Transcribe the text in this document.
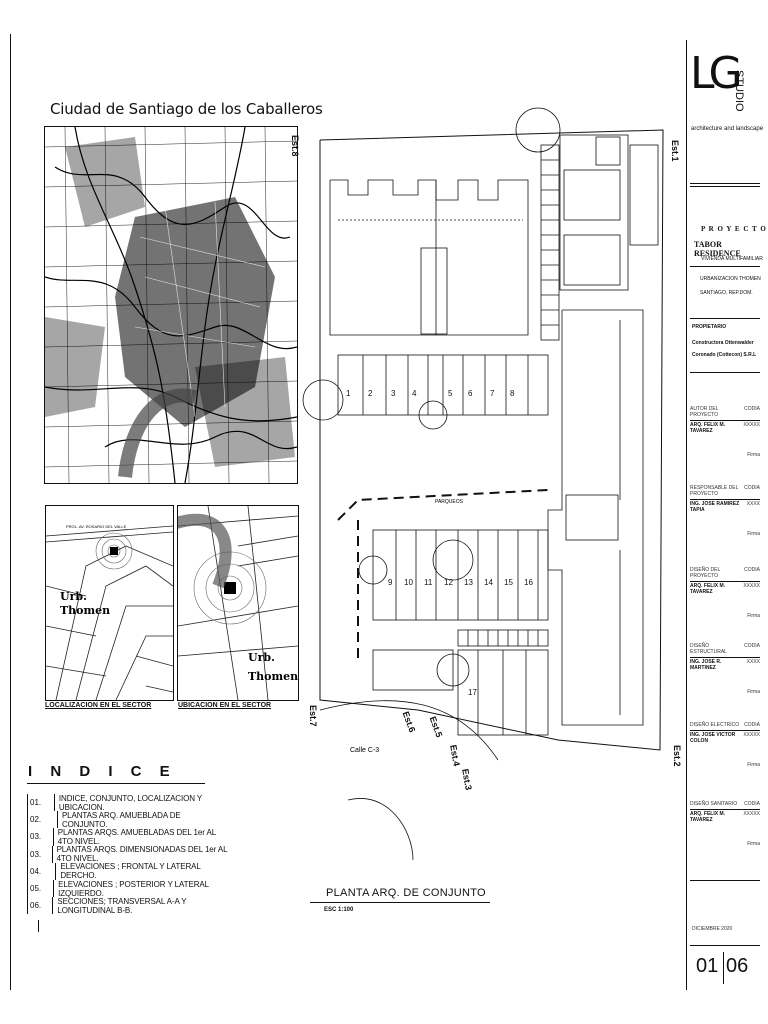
Ciudad de Santiago de los Caballeros
PROL. AV. ROSARIO DEL VALLE
Urb.
Thomen
LOCALIZACION EN EL SECTOR
Urb.
Thomen
UBICACION EN EL SECTOR
I N D I C E
01.	INDICE, CONJUNTO, LOCALIZACION Y UBICACION.
02.	PLANTAS ARQ. AMUEBLADA DE CONJUNTO.
03.	PLANTAS ARQS. AMUEBLADAS DEL 1er AL 4TO NIVEL.
03.	PLANTAS ARQS. DIMENSIONADAS DEL 1er AL 4TO NIVEL.
04.	ELEVACIONES ; FRONTAL Y LATERAL DERCHO.
05.	ELEVACIONES ; POSTERIOR Y LATERAL IZQUIERDO.
06.	SECCIONES; TRANSVERSAL A-A Y LONGITUDINAL B-B.
1 2 3 4	5 6 7 8
9 10 11 12 13 14 15 16
17
PARQUEOS
Calle C-3
Est.8	Est.1
Est.2
Est.3
Est.4
Est.5
Est.6
Est.7
PLANTA ARQ. DE CONJUNTO
ESC 1:100
LG
STUDIO
architecture and landscape
P R O Y E C T O
TABOR RESIDENCE
VIVIENDA MULTIFAMILIAR
URBANIZACION THOMEN
SANTIAGO, REP.DOM.
PROPIETARIO
Constructora Ottenwalder
Coronado (Cottecon) S.R.L
AUTOR DEL PROYECTO
CODIA
ARQ. FELIX M. TAVAREZ
XXXXX
Firma
RESPONSABLE DEL PROYECTO
CODIA
ING. JOSE RAMIREZ TAPIA
XXXX
Firma
DISEÑO DEL PROYECTO
CODIA
ARQ. FELIX M. TAVAREZ
XXXXX
Firma
DISEÑO ESTRUCTURAL
CODIA
ING. JOSE R. MARTINEZ
XXXX
Firma
DISEÑO ELECTRICO CODIA
ING. JOSE VICTOR COLON
XXXXX
Firma
DISEÑO SANITARIO CODIA
ARQ. FELIX M. TAVAREZ
XXXXX
Firma
DICIEMBRE 2020
01 06
